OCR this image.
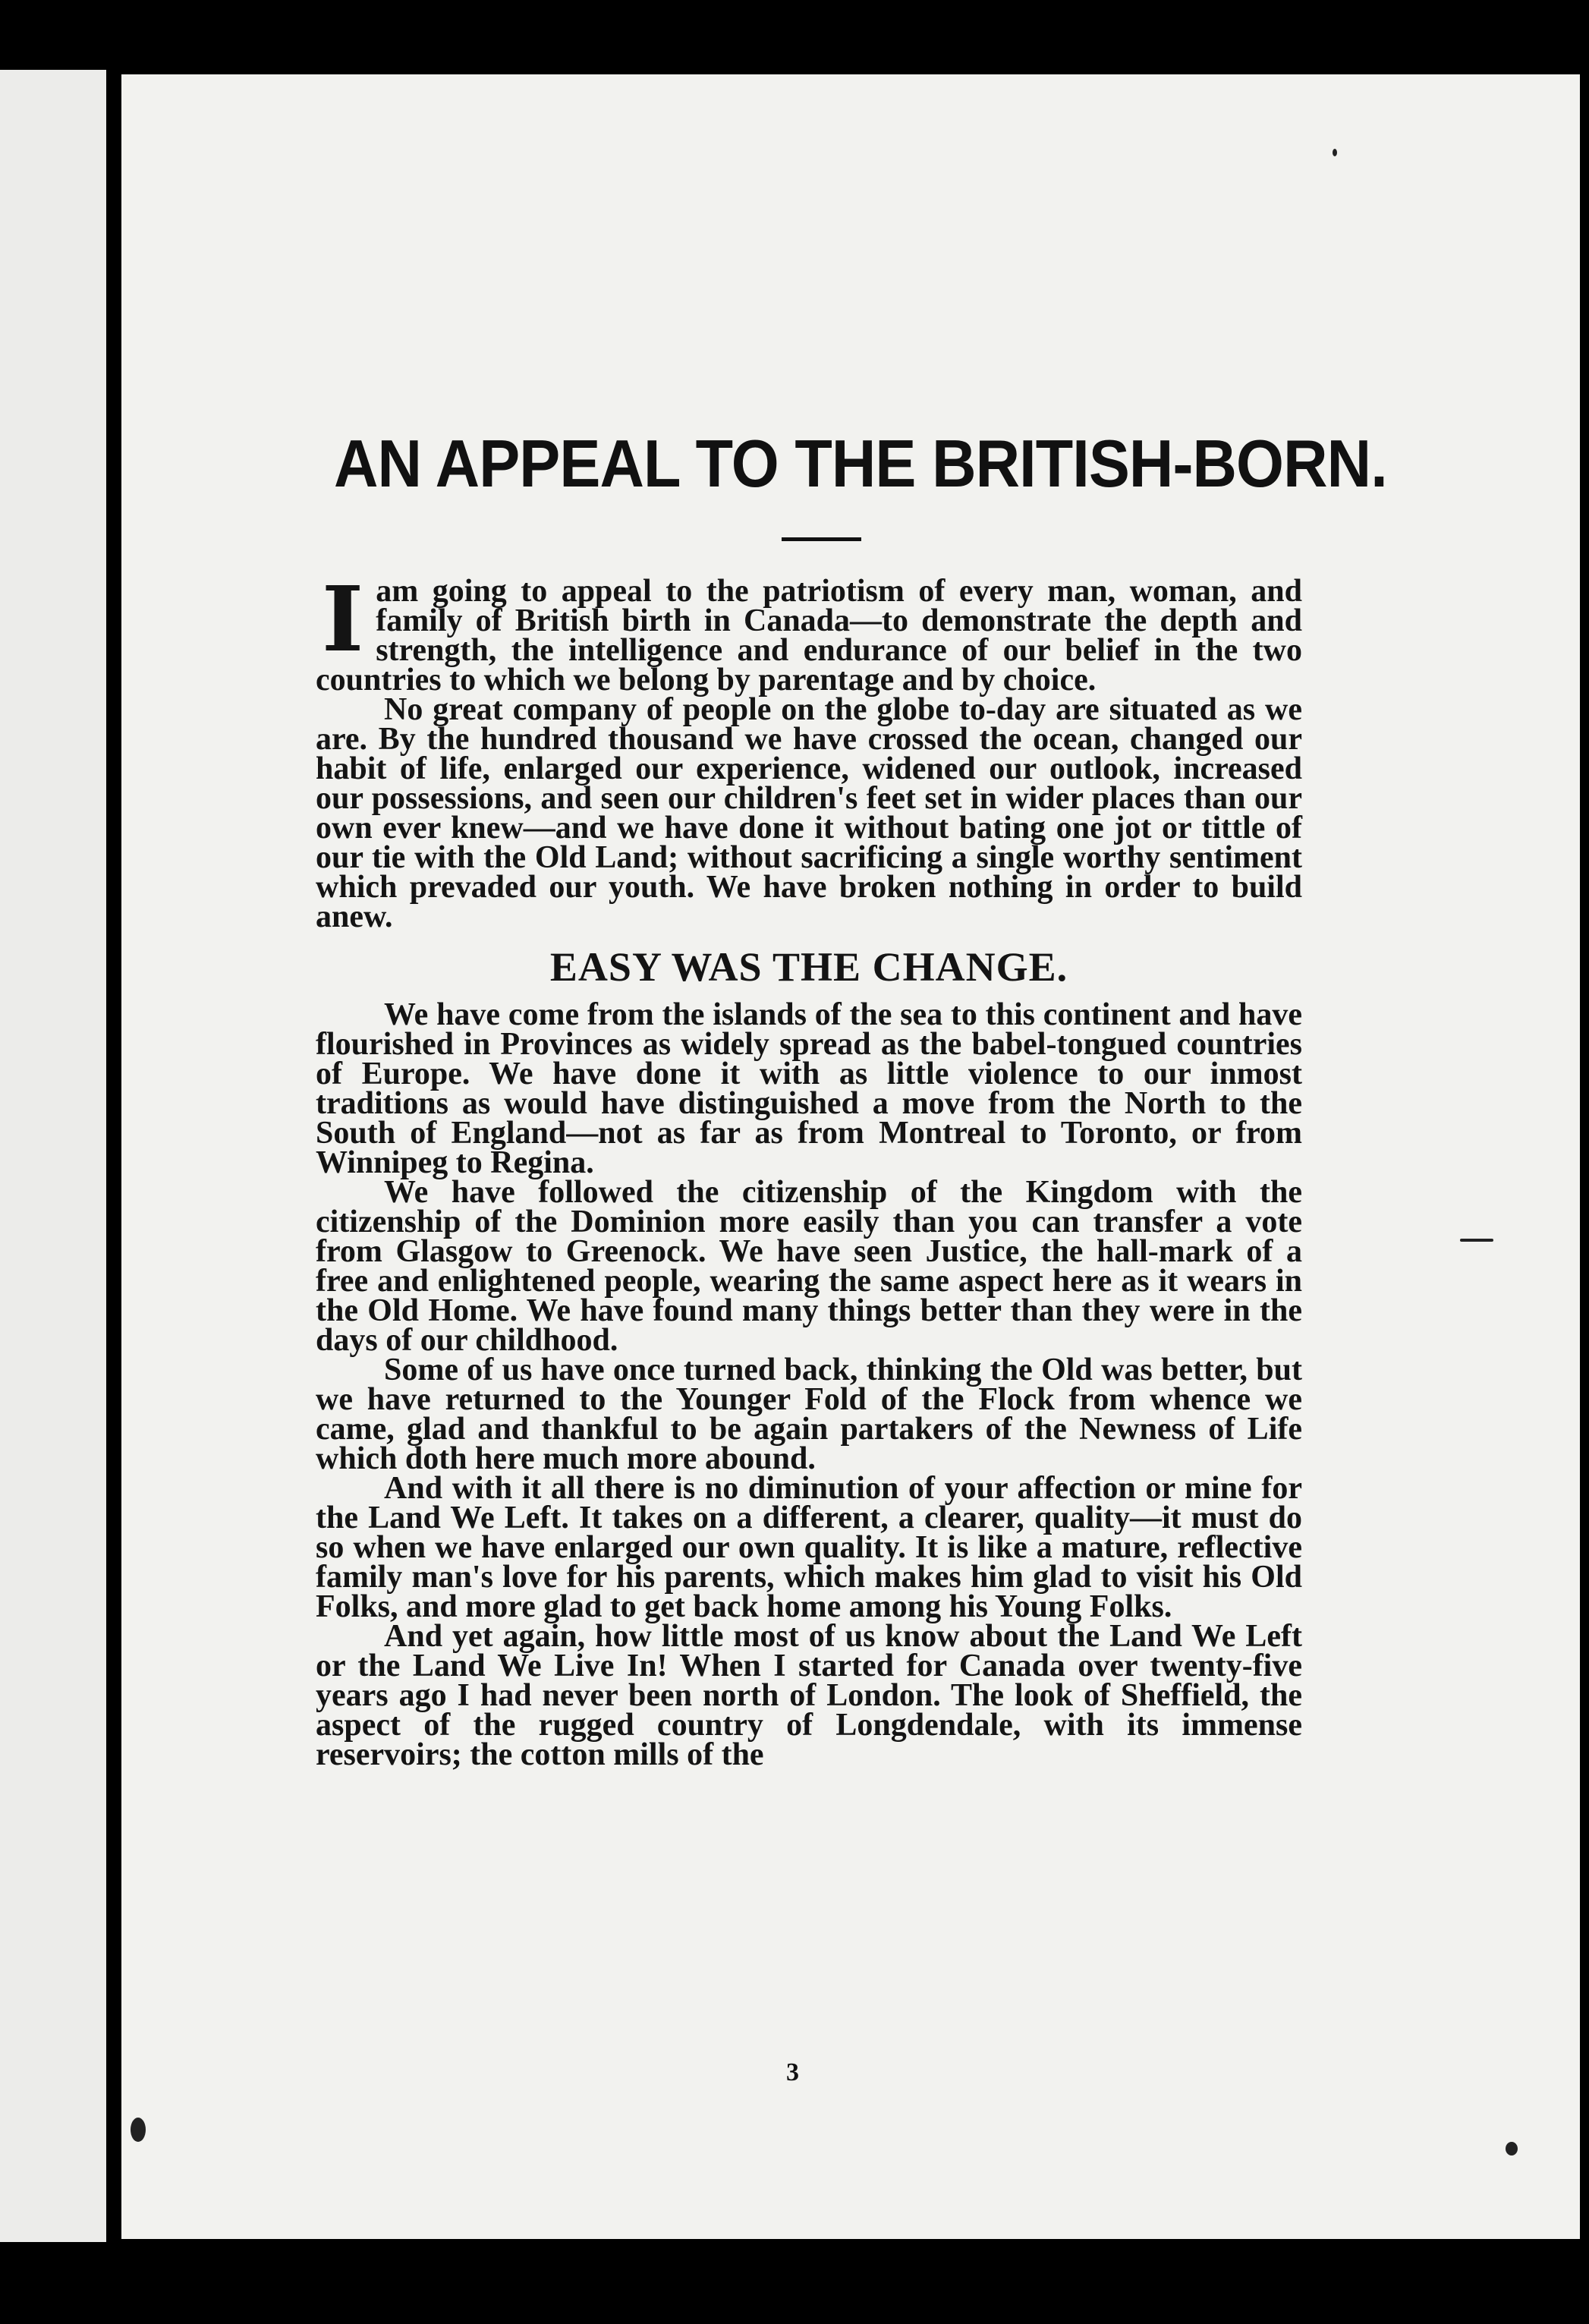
AN APPEAL TO THE BRITISH-BORN.

Iam going to appeal to the patriotism of every man, woman, and family of British birth in Canada—to demonstrate the depth and strength, the intelligence and endurance of our belief in the two countries to which we belong by parentage and by choice.

No great company of people on the globe to-day are situated as we are. By the hundred thousand we have crossed the ocean, changed our habit of life, enlarged our experience, widened our outlook, increased our possessions, and seen our children's feet set in wider places than our own ever knew—and we have done it without bating one jot or tittle of our tie with the Old Land; without sacrificing a single worthy sentiment which prevaded our youth. We have broken nothing in order to build anew.

EASY WAS THE CHANGE.

We have come from the islands of the sea to this continent and have flourished in Provinces as widely spread as the babel-tongued countries of Europe. We have done it with as little violence to our inmost traditions as would have distinguished a move from the North to the South of England—not as far as from Montreal to Toronto, or from Winnipeg to Regina.

We have followed the citizenship of the Kingdom with the citizenship of the Dominion more easily than you can transfer a vote from Glasgow to Greenock. We have seen Justice, the hall-mark of a free and enlightened people, wearing the same aspect here as it wears in the Old Home. We have found many things better than they were in the days of our childhood.

Some of us have once turned back, thinking the Old was better, but we have returned to the Younger Fold of the Flock from whence we came, glad and thankful to be again partakers of the Newness of Life which doth here much more abound.

And with it all there is no diminution of your affection or mine for the Land We Left. It takes on a different, a clearer, quality—it must do so when we have enlarged our own quality. It is like a mature, reflective family man's love for his parents, which makes him glad to visit his Old Folks, and more glad to get back home among his Young Folks.

And yet again, how little most of us know about the Land We Left or the Land We Live In! When I started for Canada over twenty-five years ago I had never been north of London. The look of Sheffield, the aspect of the rugged country of Longdendale, with its immense reservoirs; the cotton mills of the

3
